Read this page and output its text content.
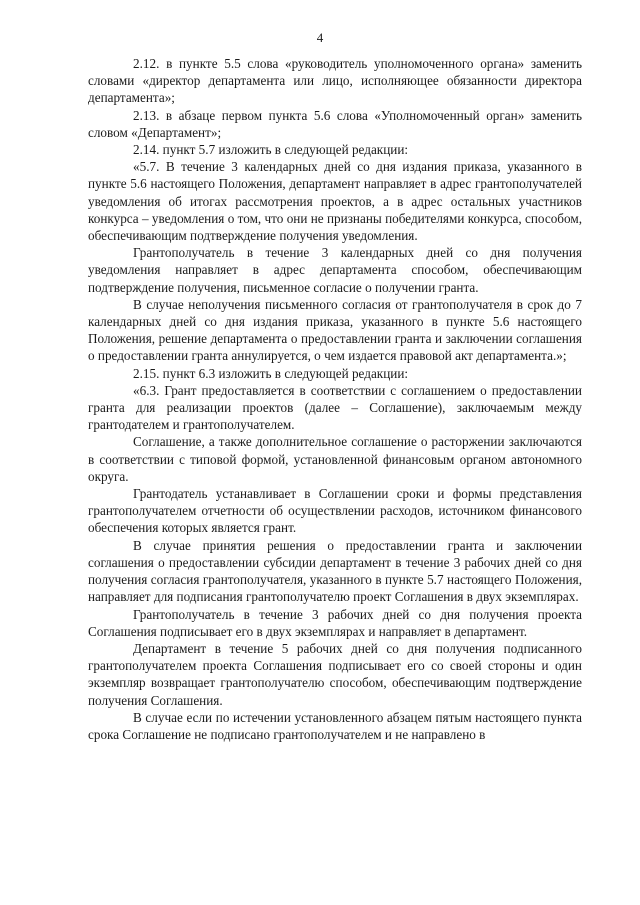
4

2.12. в пункте 5.5 слова «руководитель уполномоченного органа» заменить словами «директор департамента или лицо, исполняющее обязанности директора департамента»;

2.13. в абзаце первом пункта 5.6 слова «Уполномоченный орган» заменить словом «Департамент»;

2.14. пункт 5.7 изложить в следующей редакции:

«5.7. В течение 3 календарных дней со дня издания приказа, указанного в пункте 5.6 настоящего Положения, департамент направляет в адрес грантополучателей уведомления об итогах рассмотрения проектов, а в адрес остальных участников конкурса – уведомления о том, что они не признаны победителями конкурса, способом, обеспечивающим подтверждение получения уведомления.

Грантополучатель в течение 3 календарных дней со дня получения уведомления направляет в адрес департамента способом, обеспечивающим подтверждение получения, письменное согласие о получении гранта.

В случае неполучения письменного согласия от грантополучателя в срок до 7 календарных дней со дня издания приказа, указанного в пункте 5.6 настоящего Положения, решение департамента о предоставлении гранта и заключении соглашения о предоставлении гранта аннулируется, о чем издается правовой акт департамента.»;

2.15. пункт 6.3 изложить в следующей редакции:

«6.3. Грант предоставляется в соответствии с соглашением о предоставлении гранта для реализации проектов (далее – Соглашение), заключаемым между грантодателем и грантополучателем.

Соглашение, а также дополнительное соглашение о расторжении заключаются в соответствии с типовой формой, установленной финансовым органом автономного округа.

Грантодатель устанавливает в Соглашении сроки и формы представления грантополучателем отчетности об осуществлении расходов, источником финансового обеспечения которых является грант.

В случае принятия решения о предоставлении гранта и заключении соглашения о предоставлении субсидии департамент в течение 3 рабочих дней со дня получения согласия грантополучателя, указанного в пункте 5.7 настоящего Положения, направляет для подписания грантополучателю проект Соглашения в двух экземплярах.

Грантополучатель в течение 3 рабочих дней со дня получения проекта Соглашения подписывает его в двух экземплярах и направляет в департамент.

Департамент в течение 5 рабочих дней со дня получения подписанного грантополучателем проекта Соглашения подписывает его со своей стороны и один экземпляр возвращает грантополучателю способом, обеспечивающим подтверждение получения Соглашения.

В случае если по истечении установленного абзацем пятым настоящего пункта срока Соглашение не подписано грантополучателем и не направлено в
